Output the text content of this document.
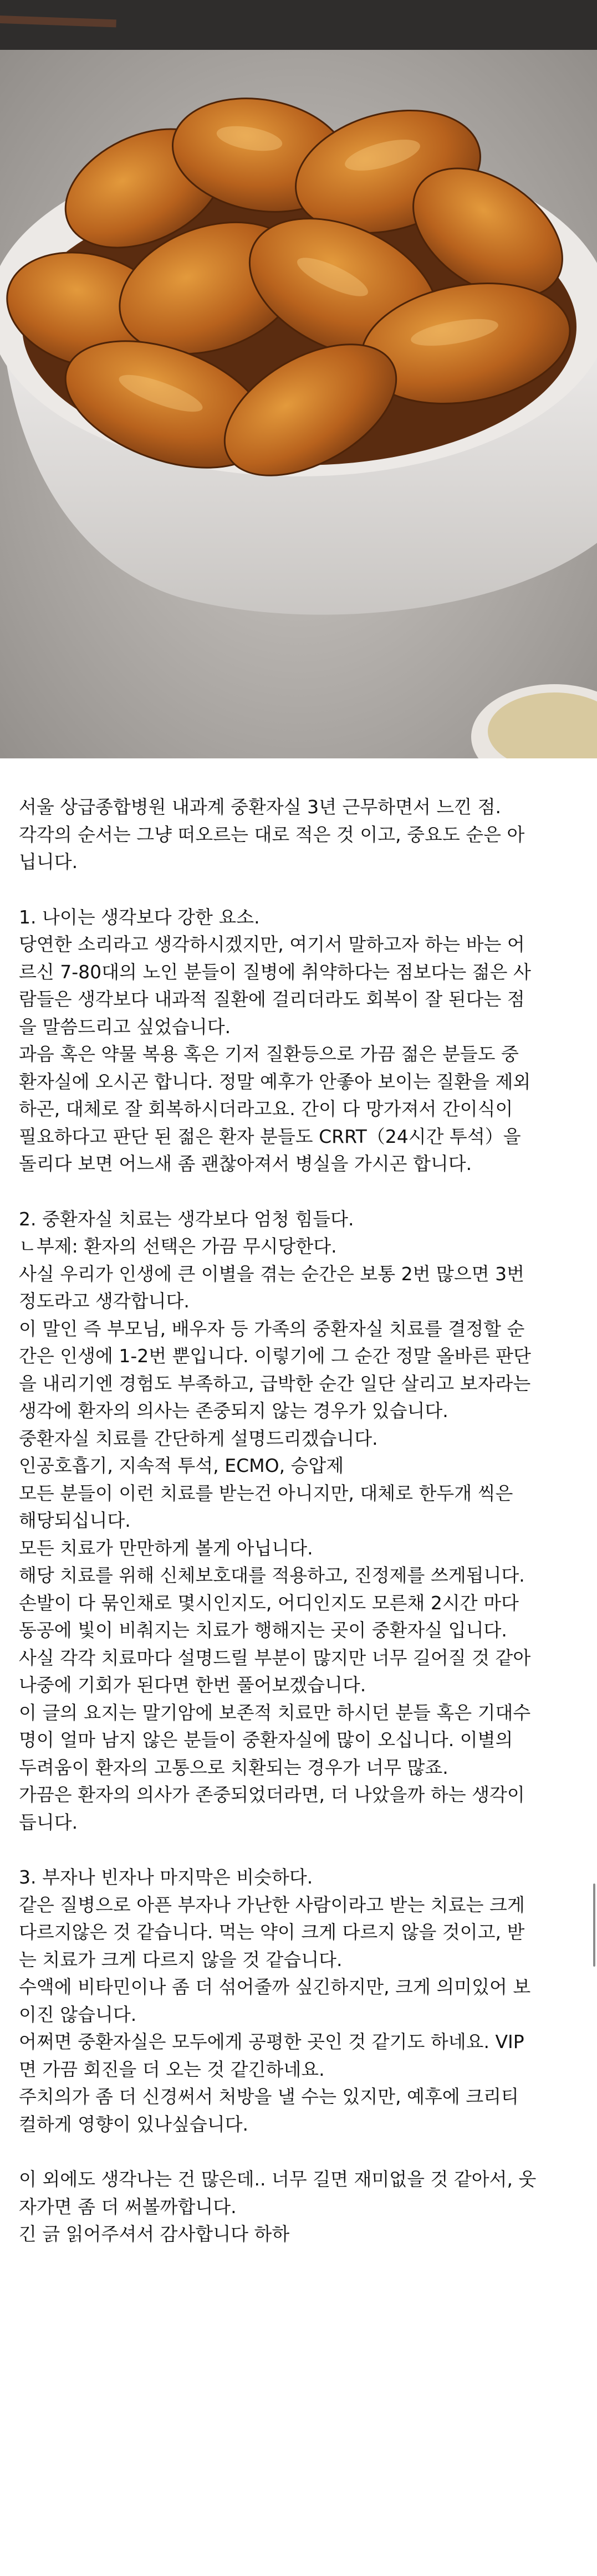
서울 상급종합병원 내과계 중환자실 3년 근무하면서 느낀 점.
각각의 순서는 그냥 떠오르는 대로 적은 것 이고, 중요도 순은 아
닙니다.
1. 나이는 생각보다 강한 요소.
당연한 소리라고 생각하시겠지만, 여기서 말하고자 하는 바는 어
르신 7-80대의 노인 분들이 질병에 취약하다는 점보다는 젊은 사
람들은 생각보다 내과적 질환에 걸리더라도 회복이 잘 된다는 점
을 말씀드리고 싶었습니다.
과음 혹은 약물 복용 혹은 기저 질환등으로 가끔 젊은 분들도 중
환자실에 오시곤 합니다. 정말 예후가 안좋아 보이는 질환을 제외
하곤, 대체로 잘 회복하시더라고요. 간이 다 망가져서 간이식이
필요하다고 판단 된 젊은 환자 분들도 CRRT（24시간 투석）을
돌리다 보면 어느새 좀 괜찮아져서 병실을 가시곤 합니다.
2. 중환자실 치료는 생각보다 엄청 힘들다.
ㄴ부제: 환자의 선택은 가끔 무시당한다.
사실 우리가 인생에 큰 이별을 겪는 순간은 보통 2번 많으면 3번
정도라고 생각합니다.
이 말인 즉 부모님, 배우자 등 가족의 중환자실 치료를 결정할 순
간은 인생에 1-2번 뿐입니다. 이렇기에 그 순간 정말 올바른 판단
을 내리기엔 경험도 부족하고, 급박한 순간 일단 살리고 보자라는
생각에 환자의 의사는 존중되지 않는 경우가 있습니다.
중환자실 치료를 간단하게 설명드리겠습니다.
인공호흡기, 지속적 투석, ECMO, 승압제
모든 분들이 이런 치료를 받는건 아니지만, 대체로 한두개 씩은
해당되십니다.
모든 치료가 만만하게 볼게 아닙니다.
해당 치료를 위해 신체보호대를 적용하고, 진정제를 쓰게됩니다.
손발이 다 묶인채로 몇시인지도, 어디인지도 모른채 2시간 마다
동공에 빛이 비춰지는 치료가 행해지는 곳이 중환자실 입니다.
사실 각각 치료마다 설명드릴 부분이 많지만 너무 길어질 것 같아
나중에 기회가 된다면 한번 풀어보겠습니다.
이 글의 요지는 말기암에 보존적 치료만 하시던 분들 혹은 기대수
명이 얼마 남지 않은 분들이 중환자실에 많이 오십니다. 이별의
두려움이 환자의 고통으로 치환되는 경우가 너무 많죠.
가끔은 환자의 의사가 존중되었더라면, 더 나았을까 하는 생각이
듭니다.
3. 부자나 빈자나 마지막은 비슷하다.
같은 질병으로 아픈 부자나 가난한 사람이라고 받는 치료는 크게
다르지않은 것 같습니다. 먹는 약이 크게 다르지 않을 것이고, 받
는 치료가 크게 다르지 않을 것 같습니다.
수액에 비타민이나 좀 더 섞어줄까 싶긴하지만, 크게 의미있어 보
이진 않습니다.
어쩌면 중환자실은 모두에게 공평한 곳인 것 같기도 하네요. VIP
면 가끔 회진을 더 오는 것 같긴하네요.
주치의가 좀 더 신경써서 처방을 낼 수는 있지만, 예후에 크리티
컬하게 영향이 있나싶습니다.
이 외에도 생각나는 건 많은데.. 너무 길면 재미없을 것 같아서, 웃
자가면 좀 더 써볼까합니다.
긴 긁 읽어주셔서 감사합니다 하하
